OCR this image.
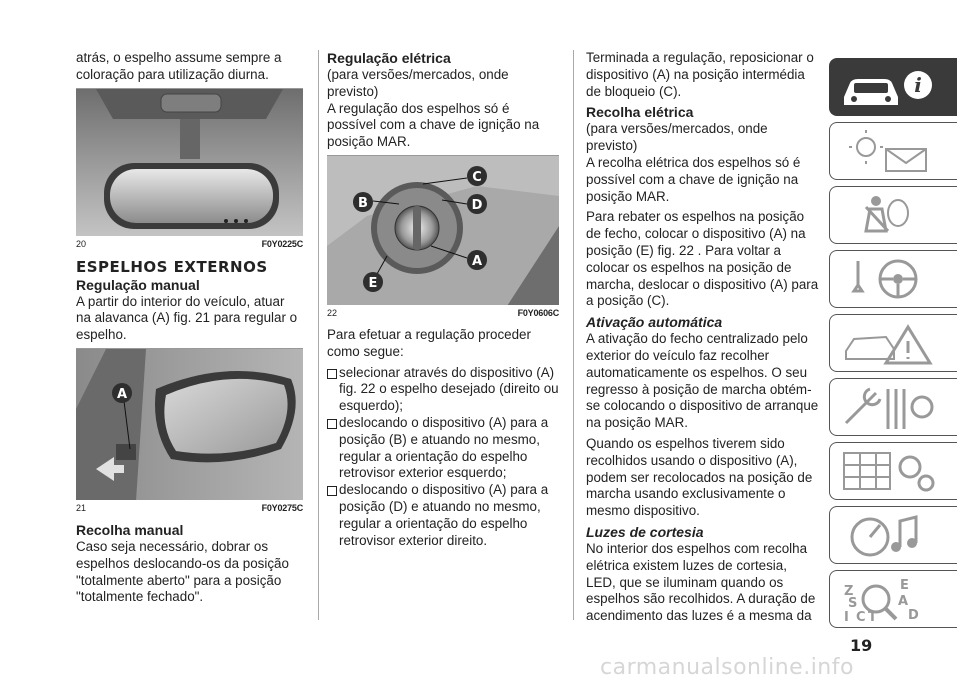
atrás, o espelho assume sempre a coloração para utilização diurna.

20	F0Y0225C
ESPELHOS EXTERNOS
Regulação manual

A partir do interior do veículo, atuar na alavanca (A) fig. 21 para regular o espelho.

A
21	F0Y0275C
Recolha manual

Caso seja necessário, dobrar os espelhos deslocando-os da posição "totalmente aberto" para a posição "totalmente fechado".

Regulação elétrica

(para versões/mercados, onde previsto)

A regulação dos espelhos só é possível com a chave de ignição na posição MAR.

C
B	D
A
E
22	F0Y0606C

Para efetuar a regulação proceder como segue:

selecionar através do dispositivo (A) fig. 22 o espelho desejado (direito ou esquerdo);

deslocando o dispositivo (A) para a posição (B) e atuando no mesmo, regular a orientação do espelho retrovisor exterior esquerdo;

deslocando o dispositivo (A) para a posição (D) e atuando no mesmo, regular a orientação do espelho retrovisor exterior direito.

Terminada a regulação, reposicionar o dispositivo (A) na posição intermédia de bloqueio (C).

Recolha elétrica

(para versões/mercados, onde previsto)

A recolha elétrica dos espelhos só é possível com a chave de ignição na posição MAR.

Para rebater os espelhos na posição de fecho, colocar o dispositivo (A) na posição (E) fig. 22 . Para voltar a colocar os espelhos na posição de marcha, deslocar o dispositivo (A) para a posição (C).

Ativação automática

A ativação do fecho centralizado pelo exterior do veículo faz recolher automaticamente os espelhos. O seu regresso à posição de marcha obtém-se colocando o dispositivo de arranque na posição MAR.

Quando os espelhos tiverem sido recolhidos usando o dispositivo (A), podem ser recolocados na posição de marcha usando exclusivamente o mesmo dispositivo.

Luzes de cortesia

No interior dos espelhos com recolha elétrica existem luzes de cortesia, LED, que se iluminam quando os espelhos são recolhidos. A duração de acendimento das luzes é a mesma da

i
Z	E
S	A
I C T D
19
carmanualsonline.info
